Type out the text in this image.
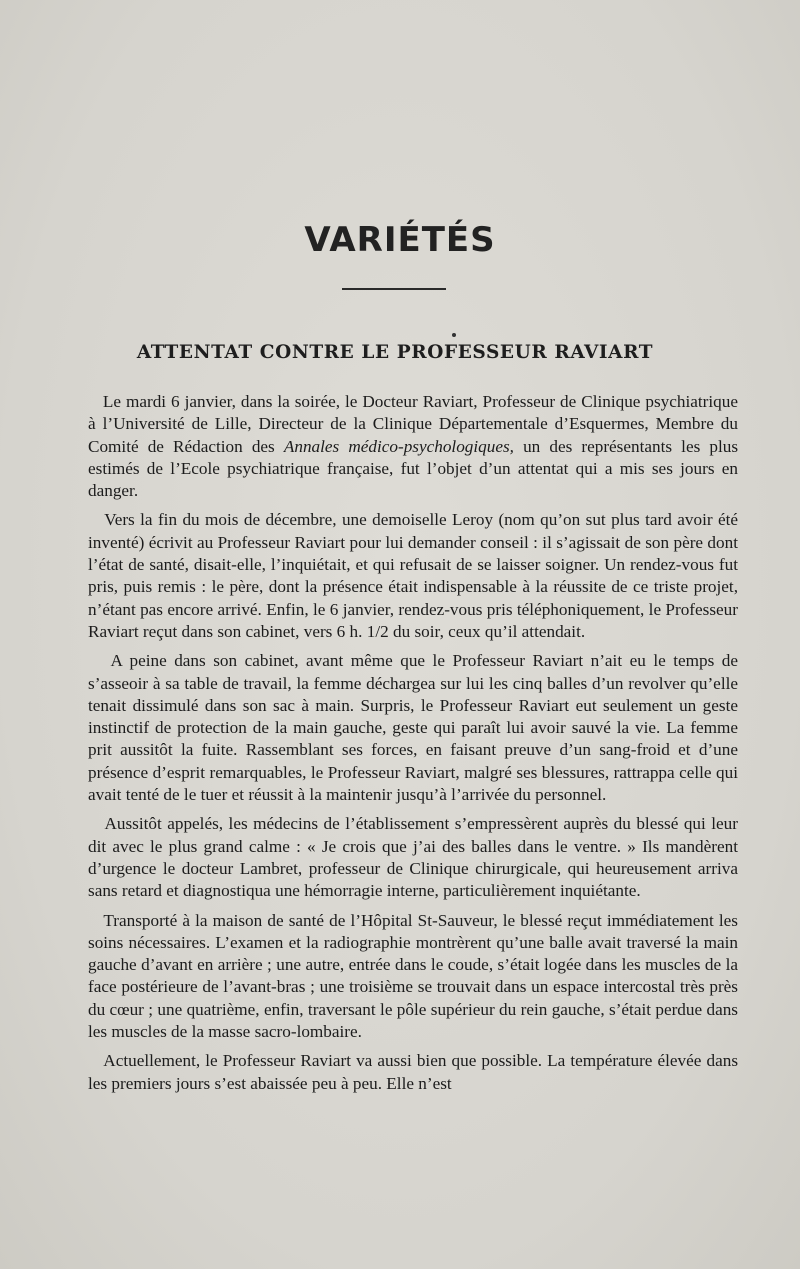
VARIÉTÉS
ATTENTAT CONTRE LE PROFESSEUR RAVIART

Le mardi 6 janvier, dans la soirée, le Docteur Raviart, Professeur de Clinique psychiatrique à l’Université de Lille, Directeur de la Clinique Départementale d’Esquermes, Membre du Comité de Rédaction des Annales médico-psychologiques, un des représentants les plus estimés de l’Ecole psychiatrique française, fut l’objet d’un attentat qui a mis ses jours en danger.

Vers la fin du mois de décembre, une demoiselle Leroy (nom qu’on sut plus tard avoir été inventé) écrivit au Professeur Raviart pour lui demander conseil : il s’agissait de son père dont l’état de santé, disait-elle, l’inquiétait, et qui refusait de se laisser soigner. Un rendez-vous fut pris, puis remis : le père, dont la présence était indispensable à la réussite de ce triste projet, n’étant pas encore arrivé. Enfin, le 6 janvier, rendez-vous pris téléphoniquement, le Professeur Raviart reçut dans son cabinet, vers 6 h. 1/2 du soir, ceux qu’il attendait.

A peine dans son cabinet, avant même que le Professeur Raviart n’ait eu le temps de s’asseoir à sa table de travail, la femme déchargea sur lui les cinq balles d’un revolver qu’elle tenait dissimulé dans son sac à main. Surpris, le Professeur Raviart eut seulement un geste instinctif de protection de la main gauche, geste qui paraît lui avoir sauvé la vie. La femme prit aussitôt la fuite. Rassemblant ses forces, en faisant preuve d’un sang-froid et d’une présence d’esprit remarquables, le Professeur Raviart, malgré ses blessures, rattrappa celle qui avait tenté de le tuer et réussit à la maintenir jusqu’à l’arrivée du personnel.

Aussitôt appelés, les médecins de l’établissement s’empressèrent auprès du blessé qui leur dit avec le plus grand calme : « Je crois que j’ai des balles dans le ventre. » Ils mandèrent d’urgence le docteur Lambret, professeur de Clinique chirurgicale, qui heureusement arriva sans retard et diagnostiqua une hémorragie interne, particulièrement inquiétante.

Transporté à la maison de santé de l’Hôpital St-Sauveur, le blessé reçut immédiatement les soins nécessaires. L’examen et la radiographie montrèrent qu’une balle avait traversé la main gauche d’avant en arrière ; une autre, entrée dans le coude, s’était logée dans les muscles de la face postérieure de l’avant-bras ; une troisième se trouvait dans un espace intercostal très près du cœur ; une quatrième, enfin, traversant le pôle supérieur du rein gauche, s’était perdue dans les muscles de la masse sacro-lombaire.

Actuellement, le Professeur Raviart va aussi bien que possible. La température élevée dans les premiers jours s’est abaissée peu à peu. Elle n’est
